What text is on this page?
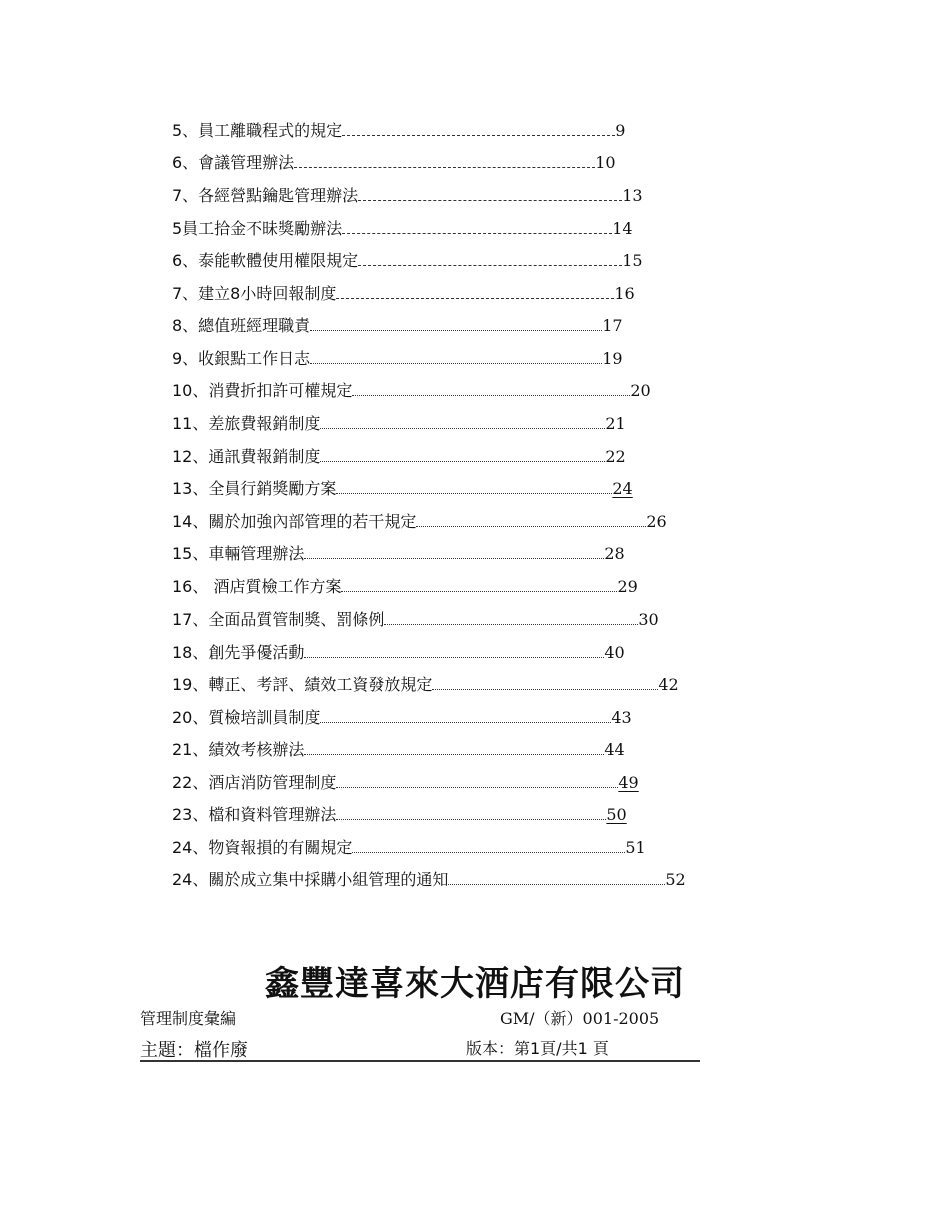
5、員工離職程式的規定	9
6、會議管理辦法	10
7、各經營點鑰匙管理辦法	13
5員工拾金不昧獎勵辦法	14
6、泰能軟體使用權限規定	15
7、建立8小時回報制度	16
8、總值班經理職責	17
9、收銀點工作日志	19
10、消費折扣許可權規定	20
11、差旅費報銷制度	21
12、通訊費報銷制度	22
13、全員行銷獎勵方案	24
14、關於加強內部管理的若干規定	26
15、車輛管理辦法	28
16、 酒店質檢工作方案	29
17、全面品質管制獎、罰條例	30
18、創先爭優活動	40
19、轉正、考評、績效工資發放規定	42
20、質檢培訓員制度	43
21、績效考核辦法	44
22、酒店消防管理制度	49
23、檔和資料管理辦法	50
24、物資報損的有關規定	51
24、關於成立集中採購小組管理的通知	52
鑫豐達喜來大酒店有限公司
管理制度彙編	GM/（新）001-2005
主題：檔作廢	版本：第1頁/共1 頁
